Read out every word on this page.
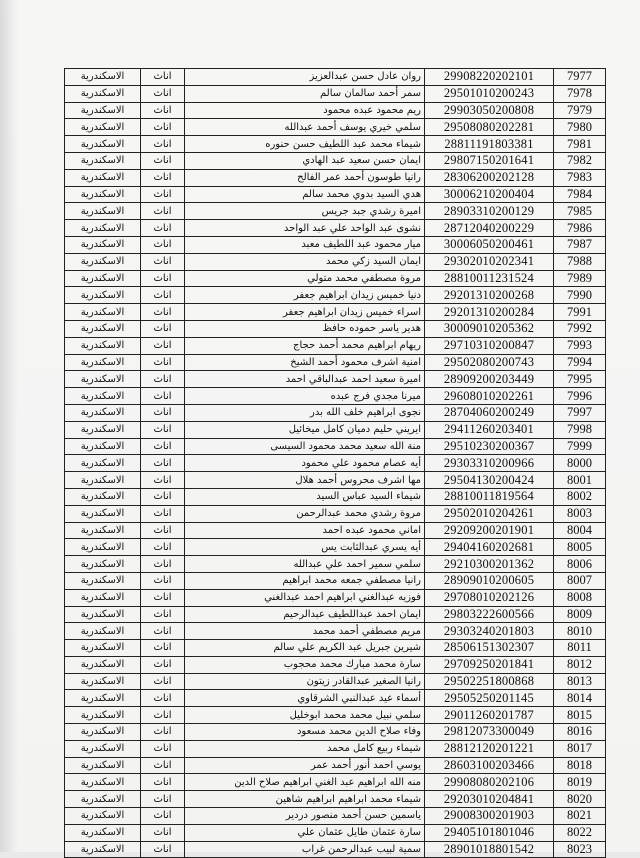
7977	29908220202101	روان عادل حسن عبدالعزيز	اناث	الاسكندرية
7978	29501010200243	سمر أحمد سالمان سالم	اناث	الاسكندرية
7979	29903050200808	ريم محمود عبده محمود	اناث	الاسكندرية
7980	29508080202281	سلمي خيري يوسف أحمد عبدالله	اناث	الاسكندرية
7981	28811191803381	شيماء محمد عبد اللطيف حسن حنوره	اناث	الاسكندرية
7982	29807150201641	ايمان حسن سعيد عبد الهادي	اناث	الاسكندرية
7983	28306200202128	رانيا طوسون أحمد عمر الفالح	اناث	الاسكندرية
7984	30006210200404	هدي السيد بدوي محمد سالم	اناث	الاسكندرية
7985	28903310200129	اميرة رشدي جبد جريس	اناث	الاسكندرية
7986	28712040200229	نشوى عبد الواحد علي عبد الواحد	اناث	الاسكندرية
7987	30006050200461	ميار محمود عبد اللطيف معبد	اناث	الاسكندرية
7988	29302010202341	ايمان السيد زكي محمد	اناث	الاسكندرية
7989	28810011231524	مروة مصطفي محمد متولي	اناث	الاسكندرية
7990	29201310200268	دنيا خميس زيدان ابراهيم جعفر	اناث	الاسكندرية
7991	29201310200284	اسراء خميس زيدان ابراهيم جعفر	اناث	الاسكندرية
7992	30009010205362	هدير ياسر حموده حافظ	اناث	الاسكندرية
7993	29710310200847	ريهام ابراهيم محمد أحمد حجاج	اناث	الاسكندرية
7994	29502080200743	امنية اشرف محمود أحمد الشيخ	اناث	الاسكندرية
7995	28909200203449	اميرة سعيد احمد عبدالباقي احمد	اناث	الاسكندرية
7996	29608010202261	ميرنا مجدي فرج عبده	اناث	الاسكندرية
7997	28704060200249	نجوى ابراهيم خلف الله بدر	اناث	الاسكندرية
7998	29411260203401	ايريني حليم دميان كامل ميخائيل	اناث	الاسكندرية
7999	29510230200367	منة الله سعيد محمد محمود السيسى	اناث	الاسكندرية
8000	29303310200966	أيه عصام محمود علي محمود	اناث	الاسكندرية
8001	29504130200424	مها اشرف محروس أحمد هلال	اناث	الاسكندرية
8002	28810011819564	شيماء السيد عباس السيد	اناث	الاسكندرية
8003	29502010204261	مروة رشدي محمد عبدالرحمن	اناث	الاسكندرية
8004	29209200201901	اماني محمود عبده احمد	اناث	الاسكندرية
8005	29404160202681	أيه يسري عبدالثابت يس	اناث	الاسكندرية
8006	29210300201362	سلمي سمير احمد علي عبدالله	اناث	الاسكندرية
8007	28909010200605	رانيا مصطفي جمعه محمد ابراهيم	اناث	الاسكندرية
8008	29708010202126	فوزيه عبدالغني ابراهيم احمد عبدالغني	اناث	الاسكندرية
8009	29803222600566	ايمان احمد عبداللطيف عبدالرحيم	اناث	الاسكندرية
8010	29303240201803	مريم مصطفي أحمد محمد	اناث	الاسكندرية
8011	28506151302307	شيرين جبريل عبد الكريم علي سالم	اناث	الاسكندرية
8012	29709250201841	سارة محمد مبارك محمد محجوب	اناث	الاسكندرية
8013	29502251800868	رانيا الصغير عبدالقادر زيتون	اناث	الاسكندرية
8014	29505250201145	أسماء عيد عبدالنبي الشرقاوي	اناث	الاسكندرية
8015	29011260201787	سلمي نبيل محمد محمد ابوخليل	اناث	الاسكندرية
8016	29812073300049	وفاء صلاح الدين محمد مسعود	اناث	الاسكندرية
8017	28812120201221	شيماء ربيع كامل محمد	اناث	الاسكندرية
8018	28603100203466	يوسي احمد أنور أحمد عمر	اناث	الاسكندرية
8019	29908080202106	منه الله ابراهيم عبد الغني ابراهيم صلاح الدين	اناث	الاسكندرية
8020	29203010204841	شيماء محمد ابراهيم ابراهيم شاهين	اناث	الاسكندرية
8021	29008300201903	ياسمين حسن أحمد منصور دردير	اناث	الاسكندرية
8022	29405101801046	سارة عثمان طايل عثمان علي	اناث	الاسكندرية
8023	28901018801542	سمية لبيب عبدالرحمن غراب	اناث	الاسكندرية
